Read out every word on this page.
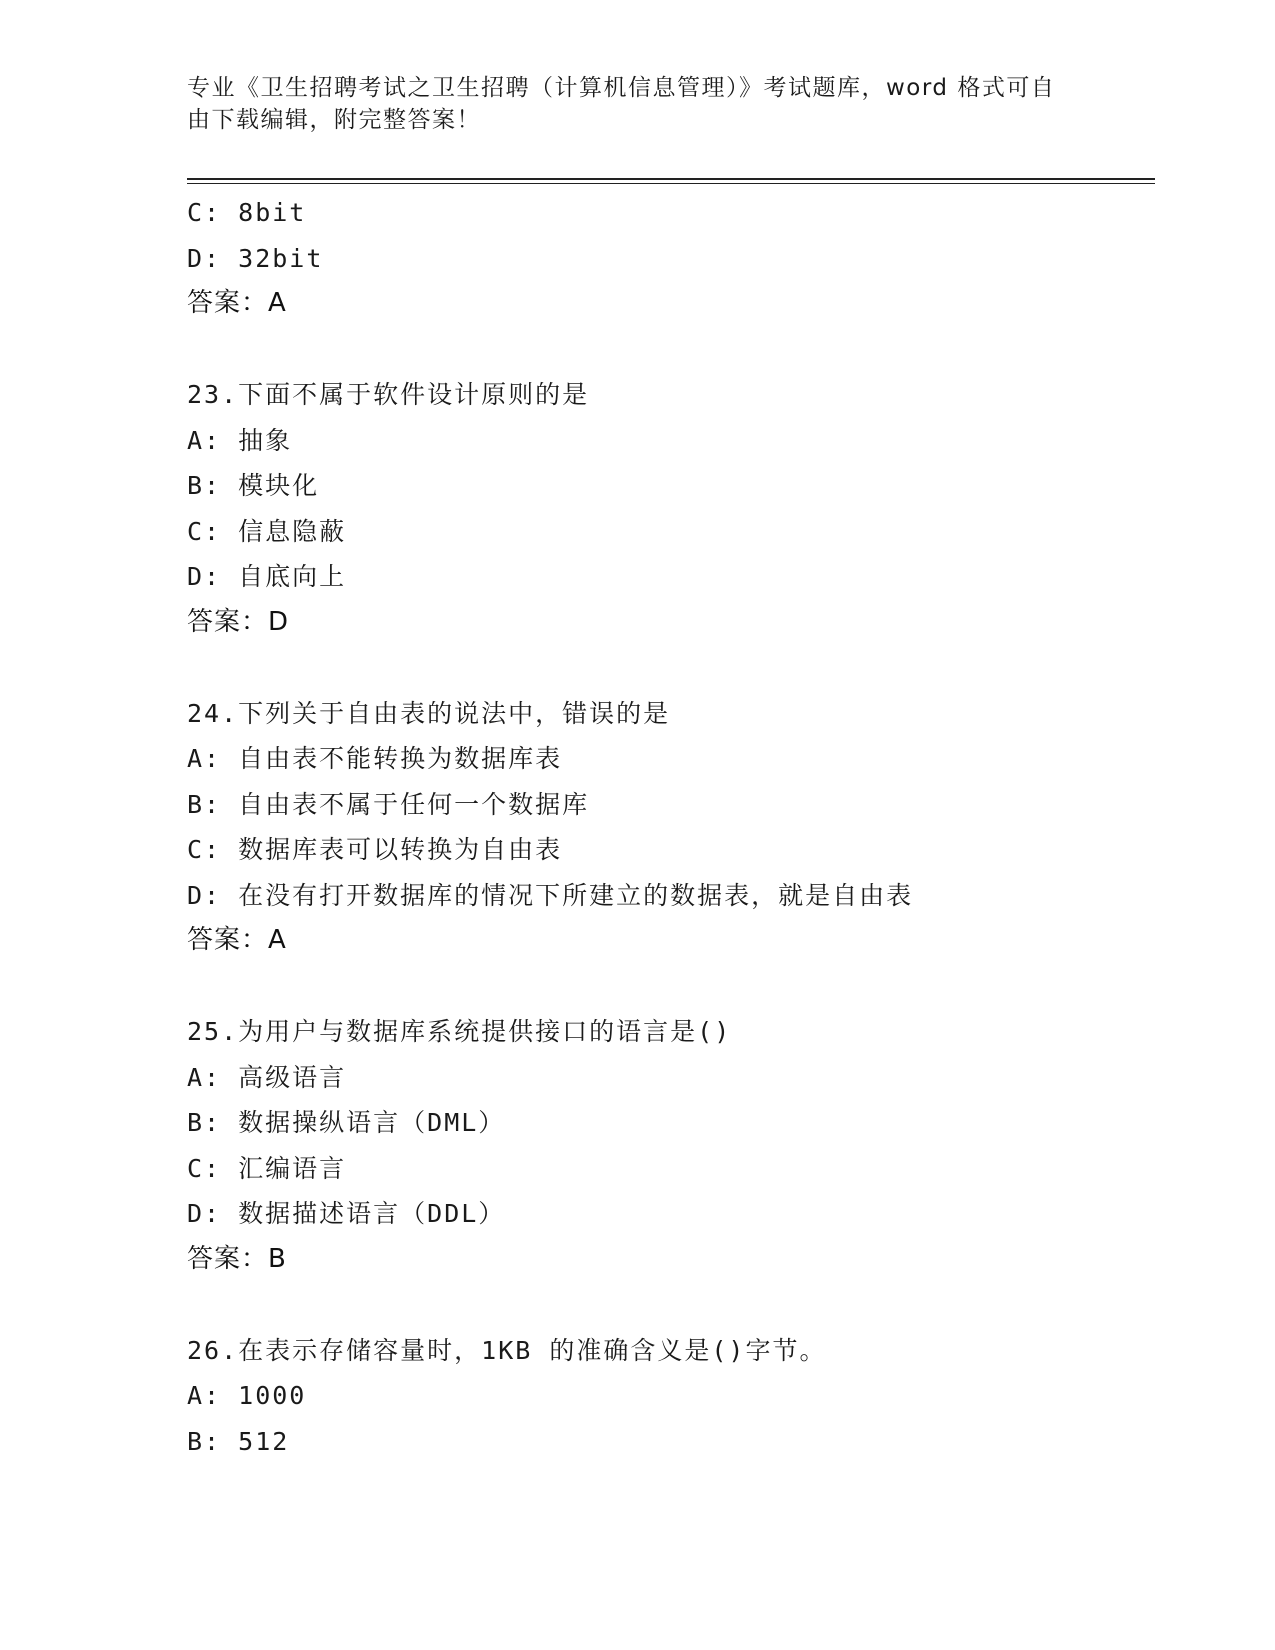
专业《卫生招聘考试之卫生招聘（计算机信息管理）》考试题库，word 格式可自由下载编辑，附完整答案！
C: 8bit
D: 32bit
答案：A
23.下面不属于软件设计原则的是
A: 抽象
B: 模块化
C: 信息隐蔽
D: 自底向上
答案：D
24.下列关于自由表的说法中，错误的是
A: 自由表不能转换为数据库表
B: 自由表不属于任何一个数据库
C: 数据库表可以转换为自由表
D: 在没有打开数据库的情况下所建立的数据表，就是自由表
答案：A
25.为用户与数据库系统提供接口的语言是()
A: 高级语言
B: 数据操纵语言（DML）
C: 汇编语言
D: 数据描述语言（DDL）
答案：B
26.在表示存储容量时，1KB 的准确含义是()字节。
A: 1000
B: 512
